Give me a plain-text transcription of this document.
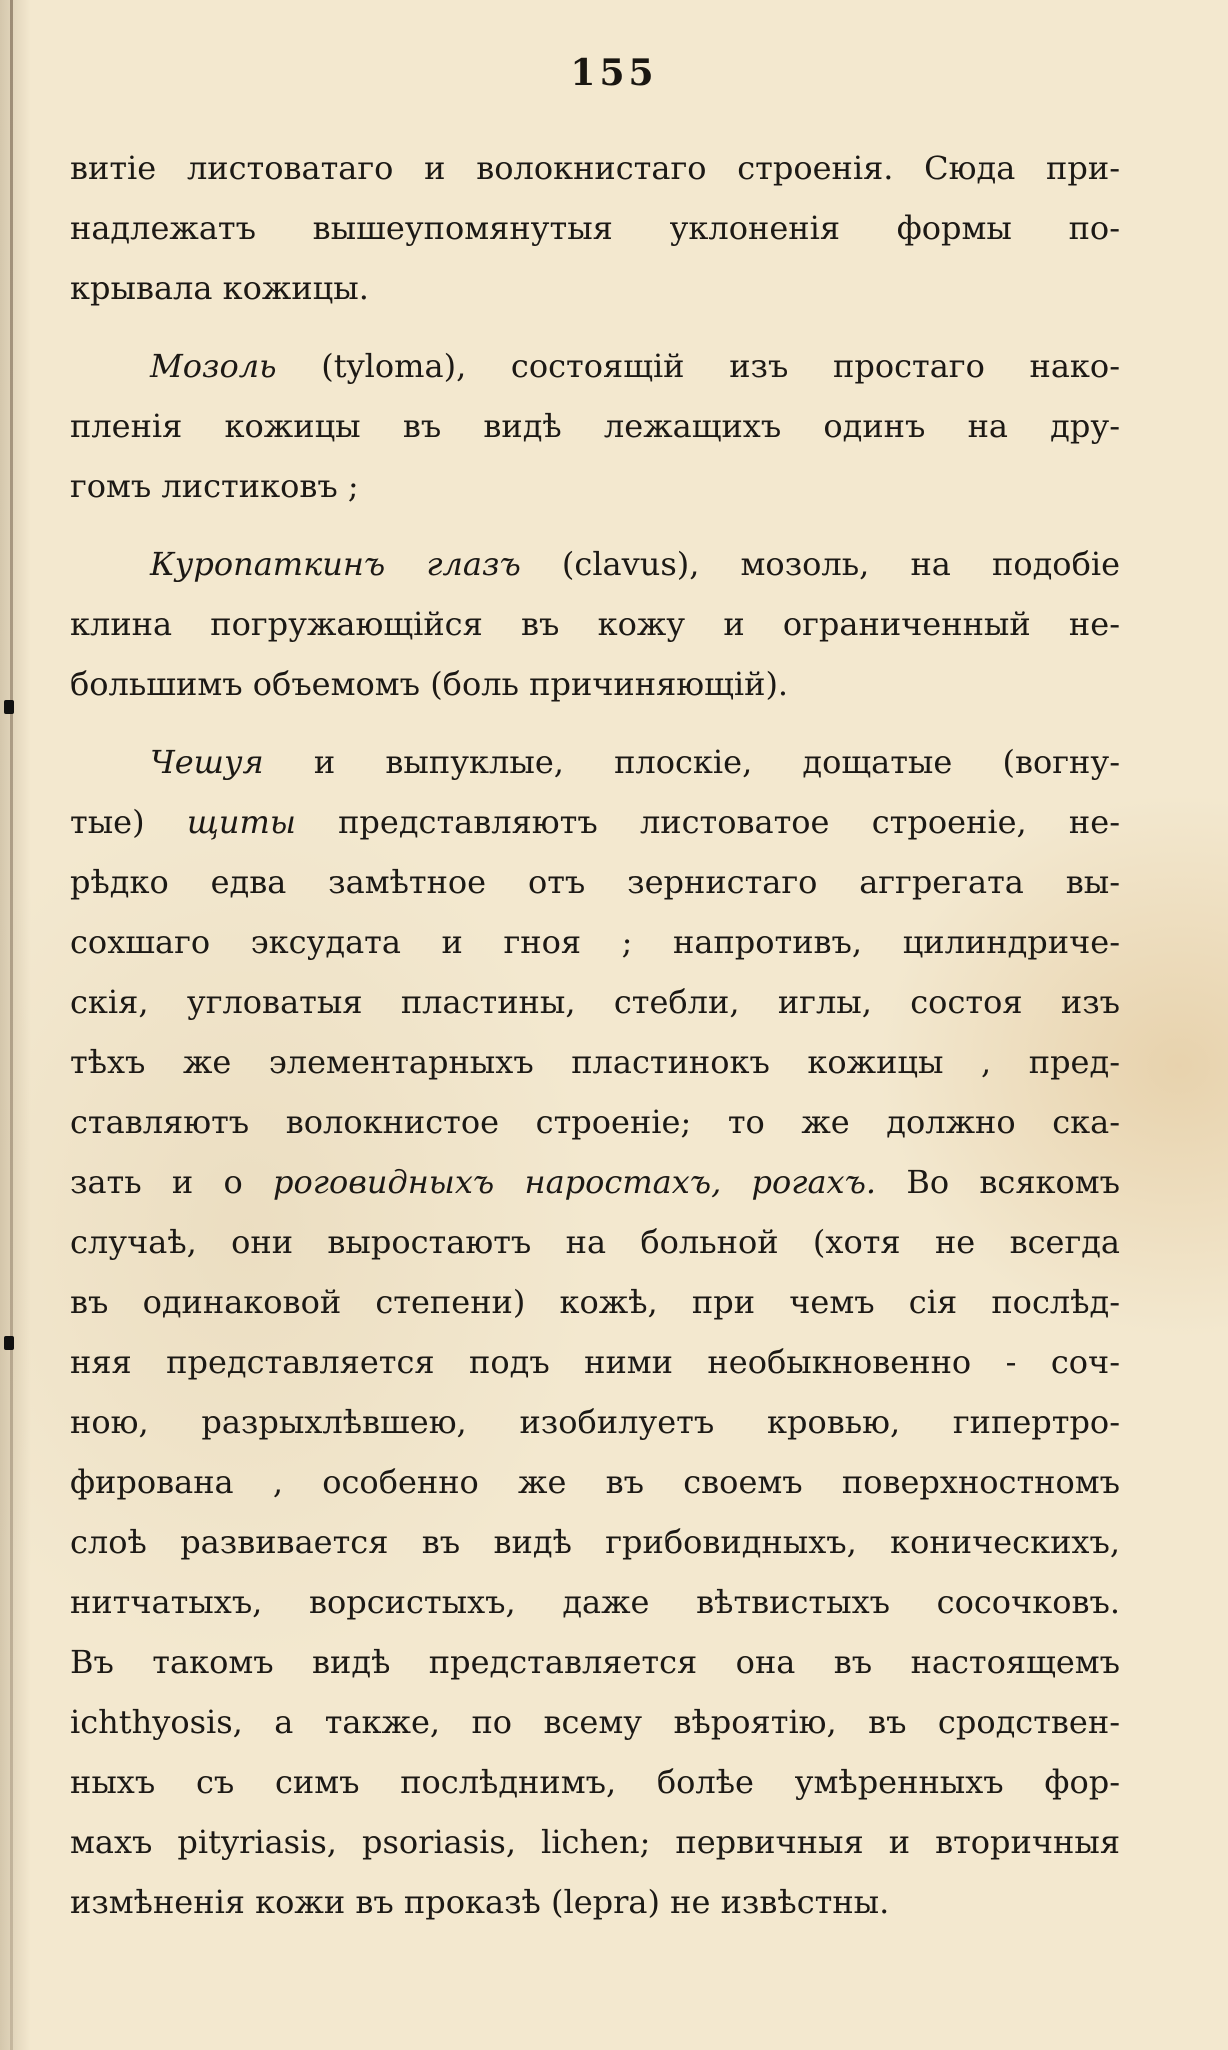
155
витіе листоватаго и волокнистаго строенія. Сюда при-
надлежатъ вышеупомянутыя уклоненія формы по-
крывала кожицы.
Мозоль (tyloma), состоящій изъ простаго нако-
пленія кожицы въ видѣ лежащихъ одинъ на дру-
гомъ листиковъ ;
Куропаткинъ глазъ (clavus), мозоль, на подобіе
клина погружающійся въ кожу и ограниченный не-
большимъ объемомъ (боль причиняющій).
Чешуя и выпуклые, плоскіе, дощатые (вогну-
тые) щиты представляютъ листоватое строеніе, не-
рѣдко едва замѣтное отъ зернистаго аггрегата вы-
сохшаго эксудата и гноя ; напротивъ, цилиндриче-
скія, угловатыя пластины, стебли, иглы, состоя изъ
тѣхъ же элементарныхъ пластинокъ кожицы , пред-
ставляютъ волокнистое строеніе; то же должно ска-
зать и о роговидныхъ наростахъ, рогахъ. Во всякомъ
случаѣ, они выростаютъ на больной (хотя не всегда
въ одинаковой степени) кожѣ, при чемъ сія послѣд-
няя представляется подъ ними необыкновенно - соч-
ною, разрыхлѣвшею, изобилуетъ кровью, гипертро-
фирована , особенно же въ своемъ поверхностномъ
слоѣ развивается въ видѣ грибовидныхъ, коническихъ,
нитчатыхъ, ворсистыхъ, даже вѣтвистыхъ сосочковъ.
Въ такомъ видѣ представляется она въ настоящемъ
ichthyosis, а также, по всему вѣроятію, въ сродствен-
ныхъ съ симъ послѣднимъ, болѣе умѣренныхъ фор-
махъ pityriasis, psoriasis, lichen; первичныя и вторичныя
измѣненія кожи въ проказѣ (lepra) не извѣстны.
